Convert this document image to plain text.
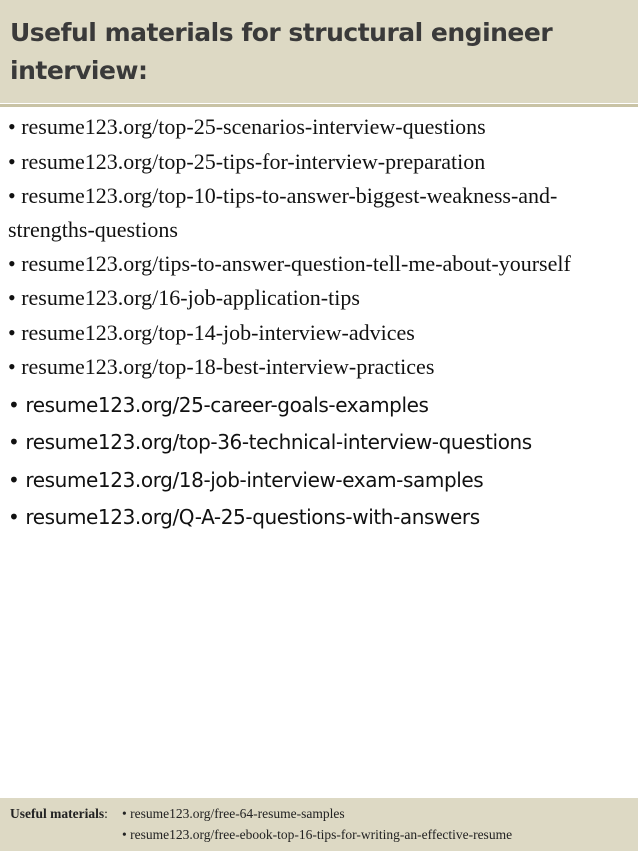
Useful materials for structural engineer interview:
• resume123.org/top-25-scenarios-interview-questions
• resume123.org/top-25-tips-for-interview-preparation
• resume123.org/top-10-tips-to-answer-biggest-weakness-and-strengths-questions
• resume123.org/tips-to-answer-question-tell-me-about-yourself
• resume123.org/16-job-application-tips
• resume123.org/top-14-job-interview-advices
• resume123.org/top-18-best-interview-practices
• resume123.org/25-career-goals-examples
• resume123.org/top-36-technical-interview-questions
• resume123.org/18-job-interview-exam-samples
• resume123.org/Q-A-25-questions-with-answers
Useful materials: • resume123.org/free-64-resume-samples
• resume123.org/free-ebook-top-16-tips-for-writing-an-effective-resume
